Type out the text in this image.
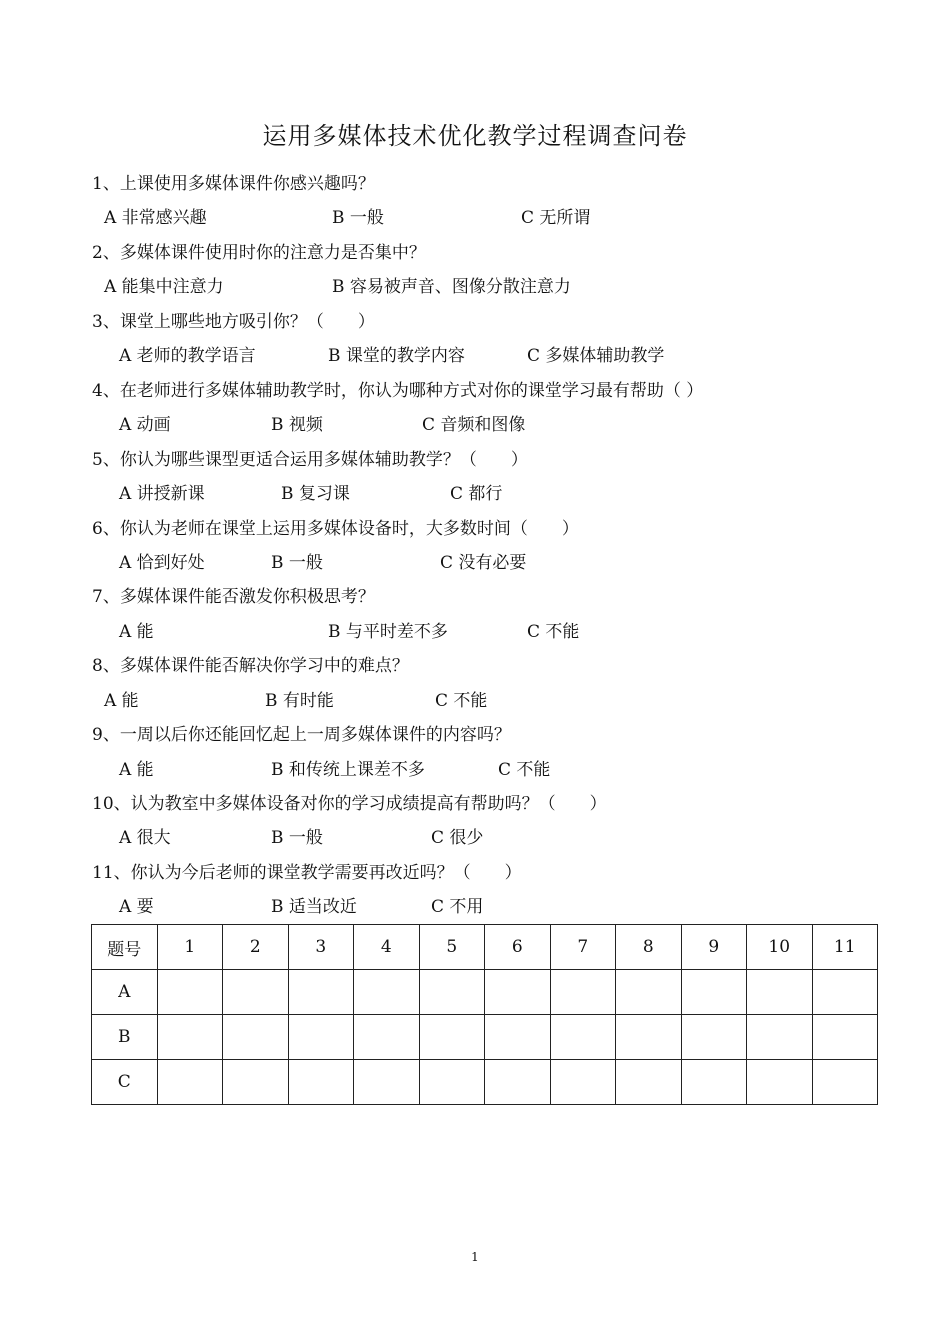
运用多媒体技术优化教学过程调查问卷
1、上课使用多媒体课件你感兴趣吗？
A 非常感兴趣	B 一般	C 无所谓
2、多媒体课件使用时你的注意力是否集中？
A 能集中注意力	B 容易被声音、图像分散注意力
3、课堂上哪些地方吸引你？（　　）
A 老师的教学语言	B 课堂的教学内容	C 多媒体辅助教学
4、在老师进行多媒体辅助教学时，你认为哪种方式对你的课堂学习最有帮助（ ）
A 动画	B 视频	C 音频和图像
5、你认为哪些课型更适合运用多媒体辅助教学？（　　）
A 讲授新课	B 复习课	C 都行
6、你认为老师在课堂上运用多媒体设备时，大多数时间（　　）
A 恰到好处	B 一般	C 没有必要
7、多媒体课件能否激发你积极思考？
A 能	B 与平时差不多	C 不能
8、多媒体课件能否解决你学习中的难点？
A 能	B 有时能	C 不能
9、一周以后你还能回忆起上一周多媒体课件的内容吗？
A 能	B 和传统上课差不多	C 不能
10、认为教室中多媒体设备对你的学习成绩提高有帮助吗？（　　）
A 很大	B 一般	C 很少
11、你认为今后老师的课堂教学需要再改近吗？（　　）
A 要	B 适当改近	C 不用
题号	1	2	3	4	5	6	7	8	9	10	11
A											
B											
C											
1
